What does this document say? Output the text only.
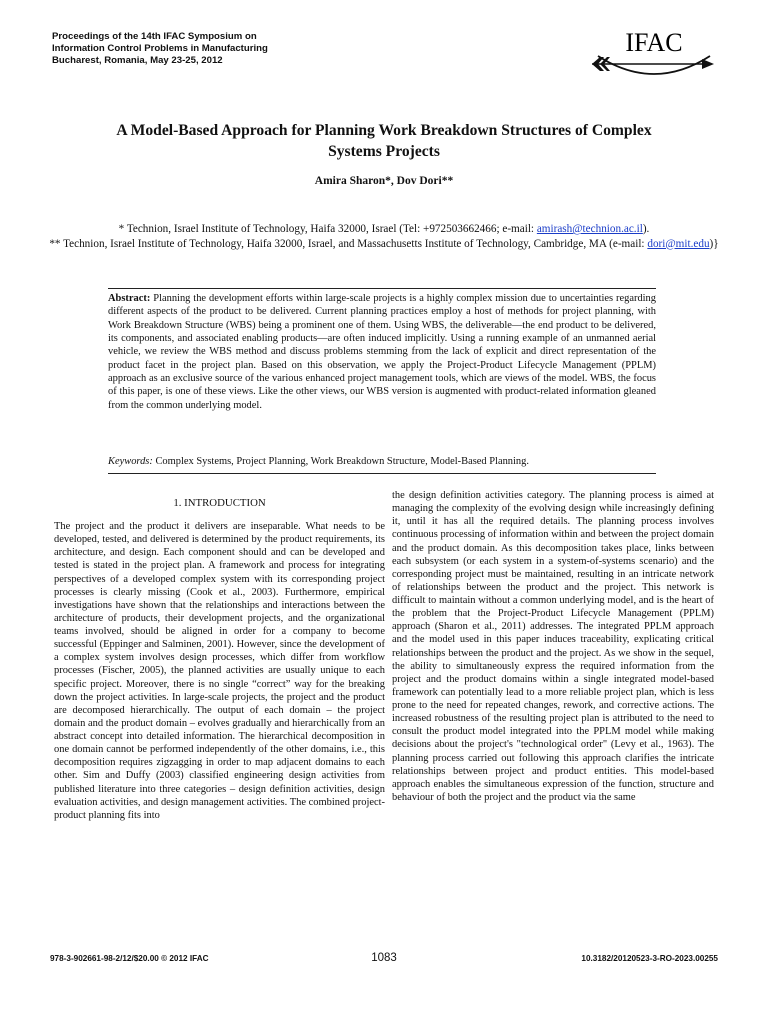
Proceedings of the 14th IFAC Symposium on
Information Control Problems in Manufacturing
Bucharest, Romania, May 23-25, 2012
IFAC
A Model-Based Approach for Planning Work Breakdown Structures of Complex
Systems Projects
Amira Sharon*, Dov Dori**
* Technion, Israel Institute of Technology, Haifa 32000, Israel (Tel: +972503662466; e-mail: amirash@technion.ac.il).
** Technion, Israel Institute of Technology, Haifa 32000, Israel, and Massachusetts Institute of Technology, Cambridge, MA (e-mail: dori@mit.edu)}
Abstract: Planning the development efforts within large-scale projects is a highly complex mission due to uncertainties regarding different aspects of the product to be delivered. Current planning practices employ a host of methods for project planning, with Work Breakdown Structure (WBS) being a prominent one of them. Using WBS, the deliverable—the end product to be delivered, its components, and associated enabling products—are often induced implicitly. Using a running example of an unmanned aerial vehicle, we review the WBS method and discuss problems stemming from the lack of explicit and direct representation of the product facet in the project plan. Based on this observation, we apply the Project-Product Lifecycle Management (PPLM) approach as an exclusive source of the various enhanced project management tools, which are views of the model. WBS, the focus of this paper, is one of these views. Like the other views, our WBS version is augmented with product-related information gleaned from the common underlying model.
Keywords: Complex Systems, Project Planning, Work Breakdown Structure, Model-Based Planning.
1. INTRODUCTION
The project and the product it delivers are inseparable. What needs to be developed, tested, and delivered is determined by the product requirements, its architecture, and design. Each component should and can be developed and tested is stated in the project plan. A framework and process for integrating perspectives of a developed complex system with its corresponding project processes is clearly missing (Cook et al., 2003). Furthermore, empirical investigations have shown that the relationships and interactions between the architecture of products, their development projects, and the organizational teams involved, should be aligned in order for a company to become successful (Eppinger and Salminen, 2001). However, since the development of a complex system involves design processes, which differ from workflow processes (Fischer, 2005), the planned activities are usually unique to each specific project. Moreover, there is no single “correct” way for the breaking down the project activities. In large-scale projects, the project and the product are decomposed hierarchically. The output of each domain – the project domain and the product domain – evolves gradually and hierarchically from an abstract concept into detailed information. The hierarchical decomposition in one domain cannot be performed independently of the other domains, i.e., this decomposition requires zigzagging in order to map adjacent domains to each other. Sim and Duffy (2003) classified engineering design activities from published literature into three categories – design definition activities, design evaluation activities, and design management activities. The combined project-product planning fits into
the design definition activities category. The planning process is aimed at managing the complexity of the evolving design while increasingly defining it, until it has all the required details. The planning process involves continuous processing of information within and between the project domain and the product domain. As this decomposition takes place, links between each subsystem (or each system in a system-of-systems scenario) and the corresponding project must be maintained, resulting in an intricate network of relationships between the product and the project. This network is difficult to maintain without a common underlying model, and is the heart of the problem that the Project-Product Lifecycle Management (PPLM) approach (Sharon et al., 2011) addresses. The integrated PPLM approach and the model used in this paper induces traceability, explicating critical relationships between the product and the project. As we show in the sequel, the ability to simultaneously express the required information from the project and the product domains within a single integrated model-based framework can potentially lead to a more reliable project plan, which is less prone to the need for repeated changes, rework, and corrective actions. The increased robustness of the resulting project plan is attributed to the need to consult the product model integrated into the PPLM model while making decisions about the project's "technological order" (Levy et al., 1963). The planning process carried out following this approach clarifies the intricate relationships between project and product entities. This model-based approach enables the simultaneous expression of the function, structure and behaviour of both the project and the product via the same
978-3-902661-98-2/12/$20.00 © 2012 IFAC	1083	10.3182/20120523-3-RO-2023.00255
